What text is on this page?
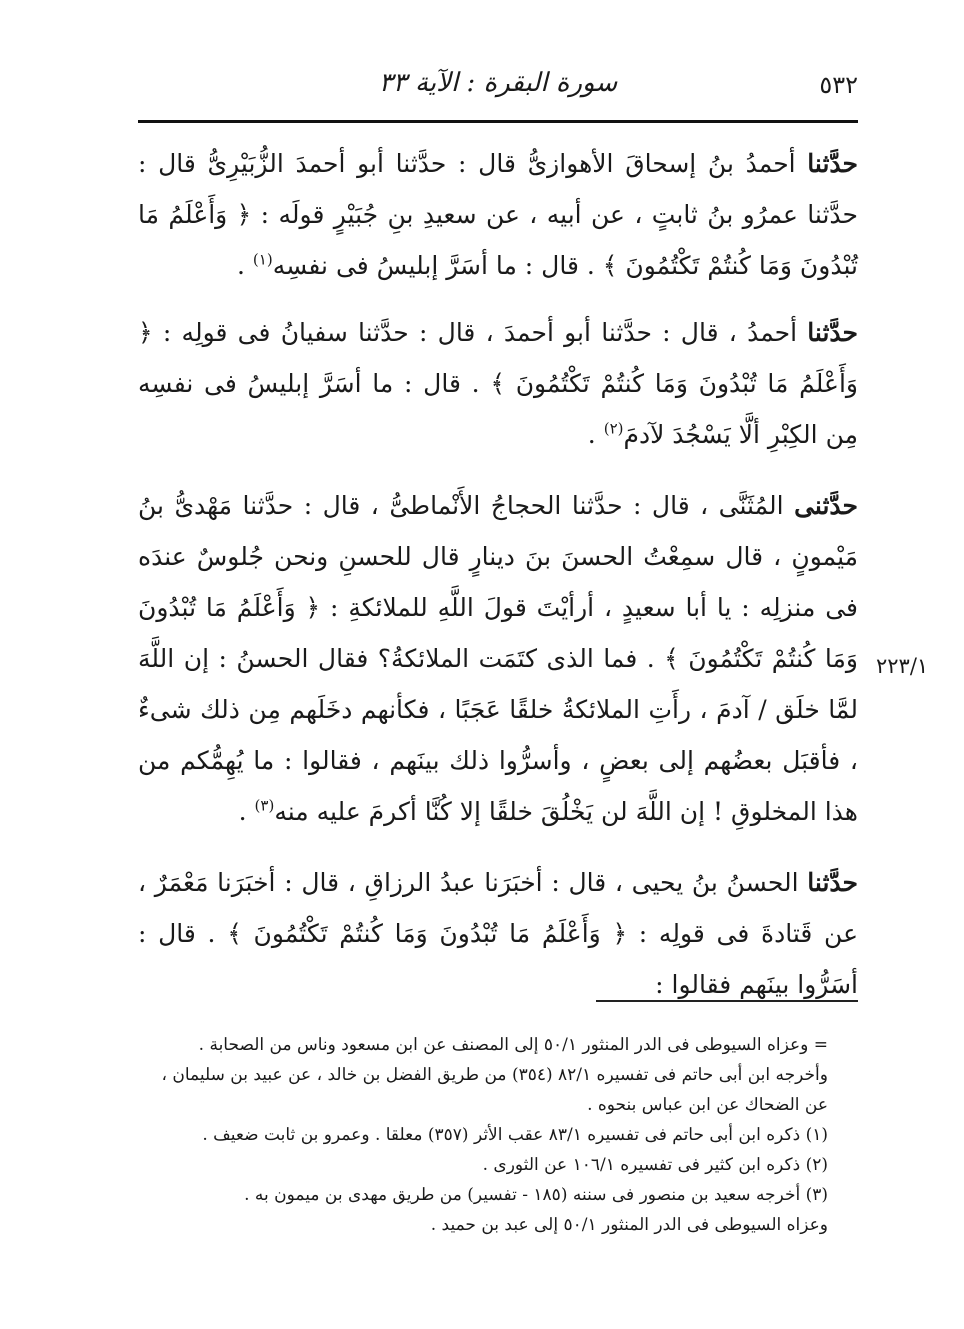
٥٣٢
سورة البقرة : الآية ٣٣

حدَّثنا أحمدُ بنُ إسحاقَ الأهوازىُّ قال : حدَّثنا أبو أحمدَ الزُّبَيْرِىُّ قال : حدَّثنا عمرُو بنُ ثابتٍ ، عن أبيه ، عن سعيدِ بنِ جُبَيْرٍ قولَه : ﴿ وَأَعْلَمُ مَا تُبْدُونَ وَمَا كُنتُمْ تَكْتُمُونَ ﴾ . قال : ما أسَرَّ إبليسُ فى نفسِه$^{(١)}$ .

حدَّثنا أحمدُ ، قال : حدَّثنا أبو أحمدَ ، قال : حدَّثنا سفيانُ فى قولِه : ﴿ وَأَعْلَمُ مَا تُبْدُونَ وَمَا كُنتُمْ تَكْتُمُونَ ﴾ . قال : ما أسَرَّ إبليسُ فى نفسِه مِن الكِبْرِ ألَّا يَسْجُدَ لآدمَ$^{(٢)}$ .

حدَّثنى المُثَنَّى ، قال : حدَّثنا الحجاجُ الأَنْماطىُّ ، قال : حدَّثنا مَهْدىُّ بنُ مَيْمونٍ ، قال سمِعْتُ الحسنَ بنَ دينارٍ قال للحسنِ ونحن جُلوسٌ عندَه فى منزلِه : يا أبا سعيدٍ ، أرأيْتَ قولَ اللَّهِ للملائكةِ : ﴿ وَأَعْلَمُ مَا تُبْدُونَ وَمَا كُنتُمْ تَكْتُمُونَ ﴾ . فما الذى كتَمَت الملائكةُ؟ فقال الحسنُ : إن اللَّهَ لمَّا خلَق / آدمَ ، رأَتِ الملائكةُ خلقًا عَجَبًا ، فكأنهم دخَلَهم مِن ذلك شىءٌ ، فأقبَل بعضُهم إلى بعضٍ ، وأسرُّوا ذلك بينَهم ، فقالوا : ما يُهِمُّكم من هذا المخلوقِ ! إن اللَّهَ لن يَخْلُقَ خلقًا إلا كُنَّا أكرمَ عليه منه$^{(٣)}$ .

حدَّثنا الحسنُ بنُ يحيى ، قال : أخبَرَنا عبدُ الرزاقِ ، قال : أخبَرَنا مَعْمَرٌ ، عن قَتادةَ فى قولِه : ﴿ وَأَعْلَمُ مَا تُبْدُونَ وَمَا كُنتُمْ تَكْتُمُونَ ﴾ . قال : أسَرُّوا بينَهم فقالوا :

٢٢٣/١

= وعزاه السيوطى فى الدر المنثور ٥٠/١ إلى المصنف عن ابن مسعود وناس من الصحابة .

وأخرجه ابن أبى حاتم فى تفسيره ٨٢/١ (٣٥٤) من طريق الفضل بن خالد ، عن عبيد بن سليمان ، عن الضحاك عن ابن عباس بنحوه .

(١) ذكره ابن أبى حاتم فى تفسيره ٨٣/١ عقب الأثر (٣٥٧) معلقا . وعمرو بن ثابت ضعيف .

(٢) ذكره ابن كثير فى تفسيره ١٠٦/١ عن الثورى .

(٣) أخرجه سعيد بن منصور فى سننه (١٨٥ - تفسير) من طريق مهدى بن ميمون به .

وعزاه السيوطى فى الدر المنثور ٥٠/١ إلى عبد بن حميد .
